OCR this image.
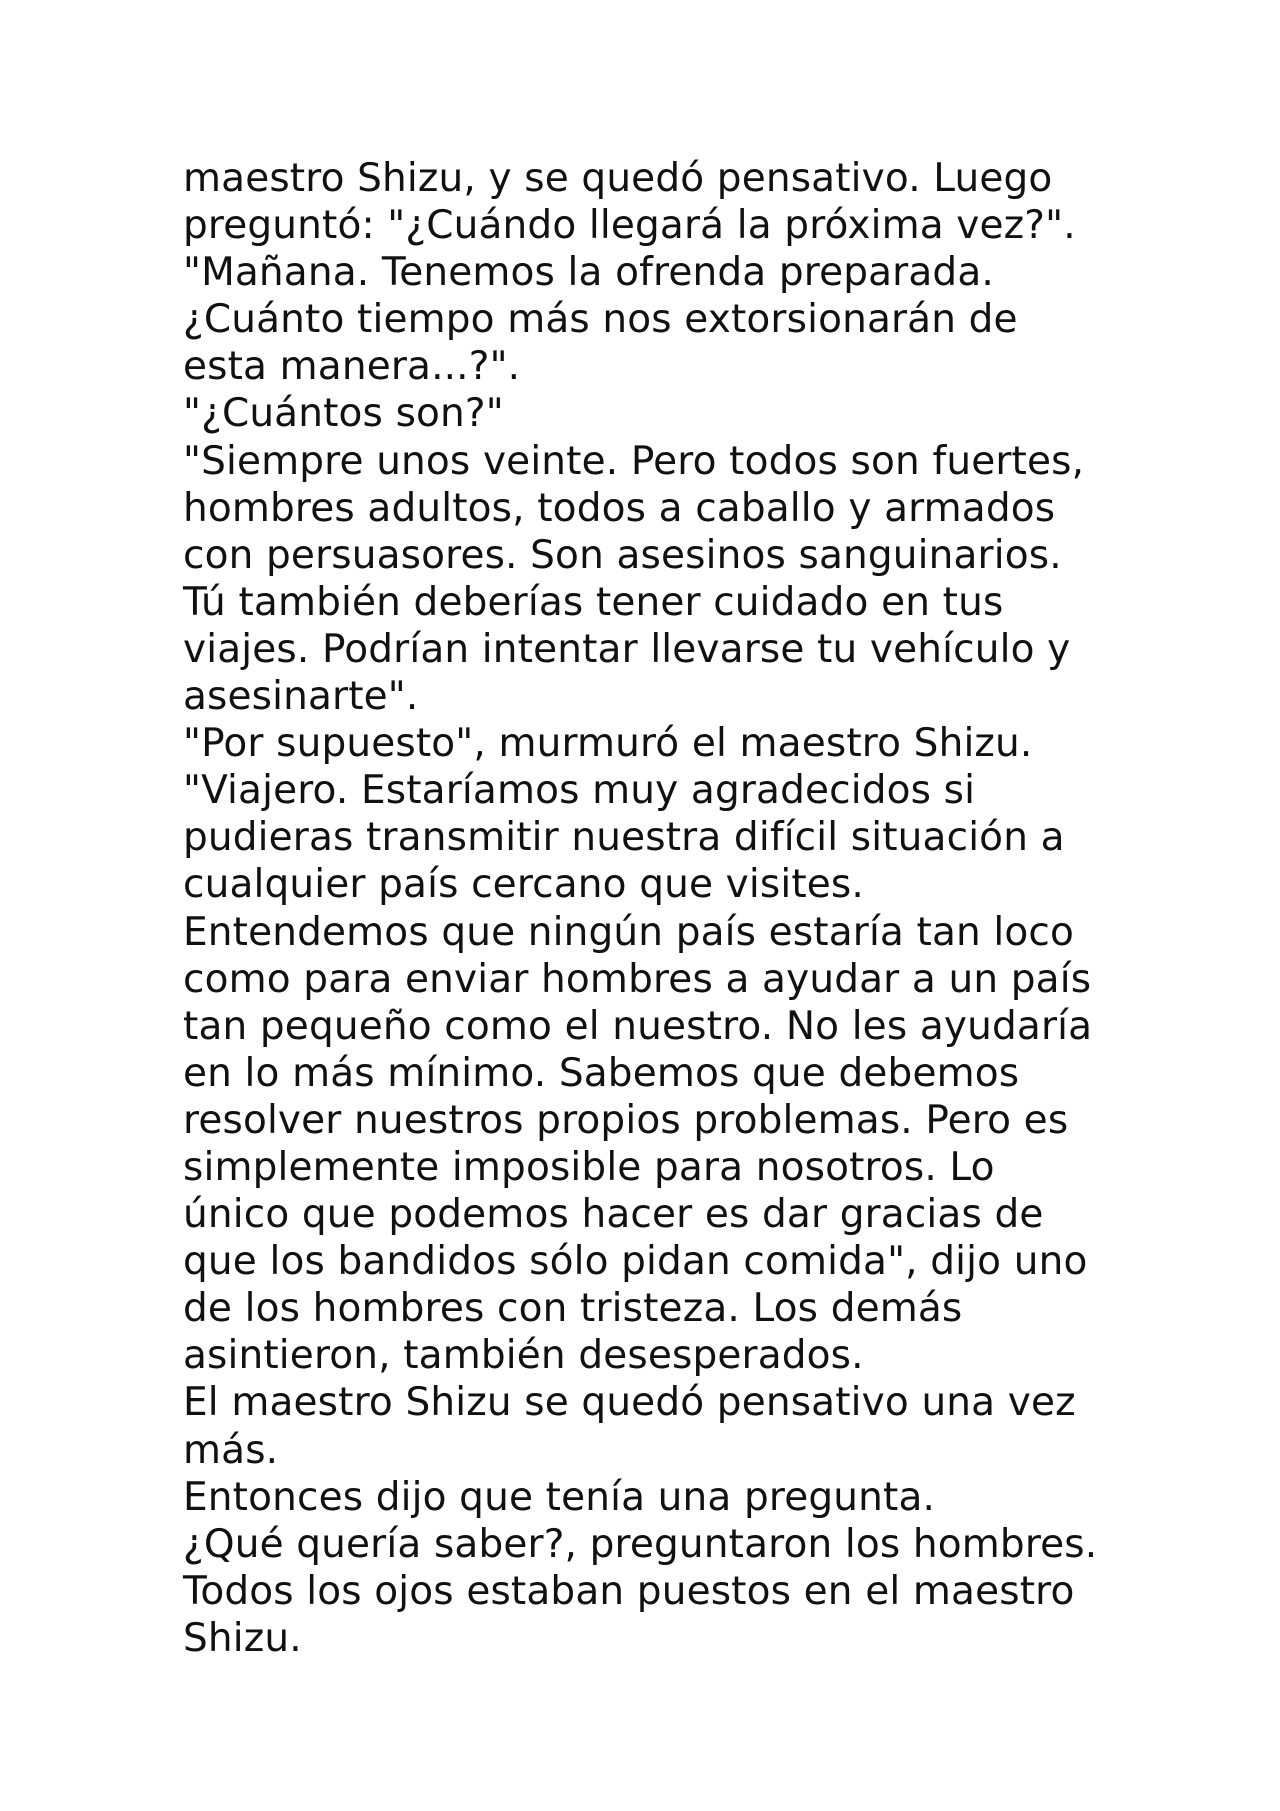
maestro Shizu, y se quedó pensativo. Luego
preguntó: "¿Cuándo llegará la próxima vez?".
"Mañana. Tenemos la ofrenda preparada.
¿Cuánto tiempo más nos extorsionarán de
esta manera...?".
"¿Cuántos son?"
"Siempre unos veinte. Pero todos son fuertes,
hombres adultos, todos a caballo y armados
con persuasores. Son asesinos sanguinarios.
Tú también deberías tener cuidado en tus
viajes. Podrían intentar llevarse tu vehículo y
asesinarte".
"Por supuesto", murmuró el maestro Shizu.
"Viajero. Estaríamos muy agradecidos si
pudieras transmitir nuestra difícil situación a
cualquier país cercano que visites.
Entendemos que ningún país estaría tan loco
como para enviar hombres a ayudar a un país
tan pequeño como el nuestro. No les ayudaría
en lo más mínimo. Sabemos que debemos
resolver nuestros propios problemas. Pero es
simplemente imposible para nosotros. Lo
único que podemos hacer es dar gracias de
que los bandidos sólo pidan comida", dijo uno
de los hombres con tristeza. Los demás
asintieron, también desesperados.
El maestro Shizu se quedó pensativo una vez
más.
Entonces dijo que tenía una pregunta.
¿Qué quería saber?, preguntaron los hombres.
Todos los ojos estaban puestos en el maestro
Shizu.
